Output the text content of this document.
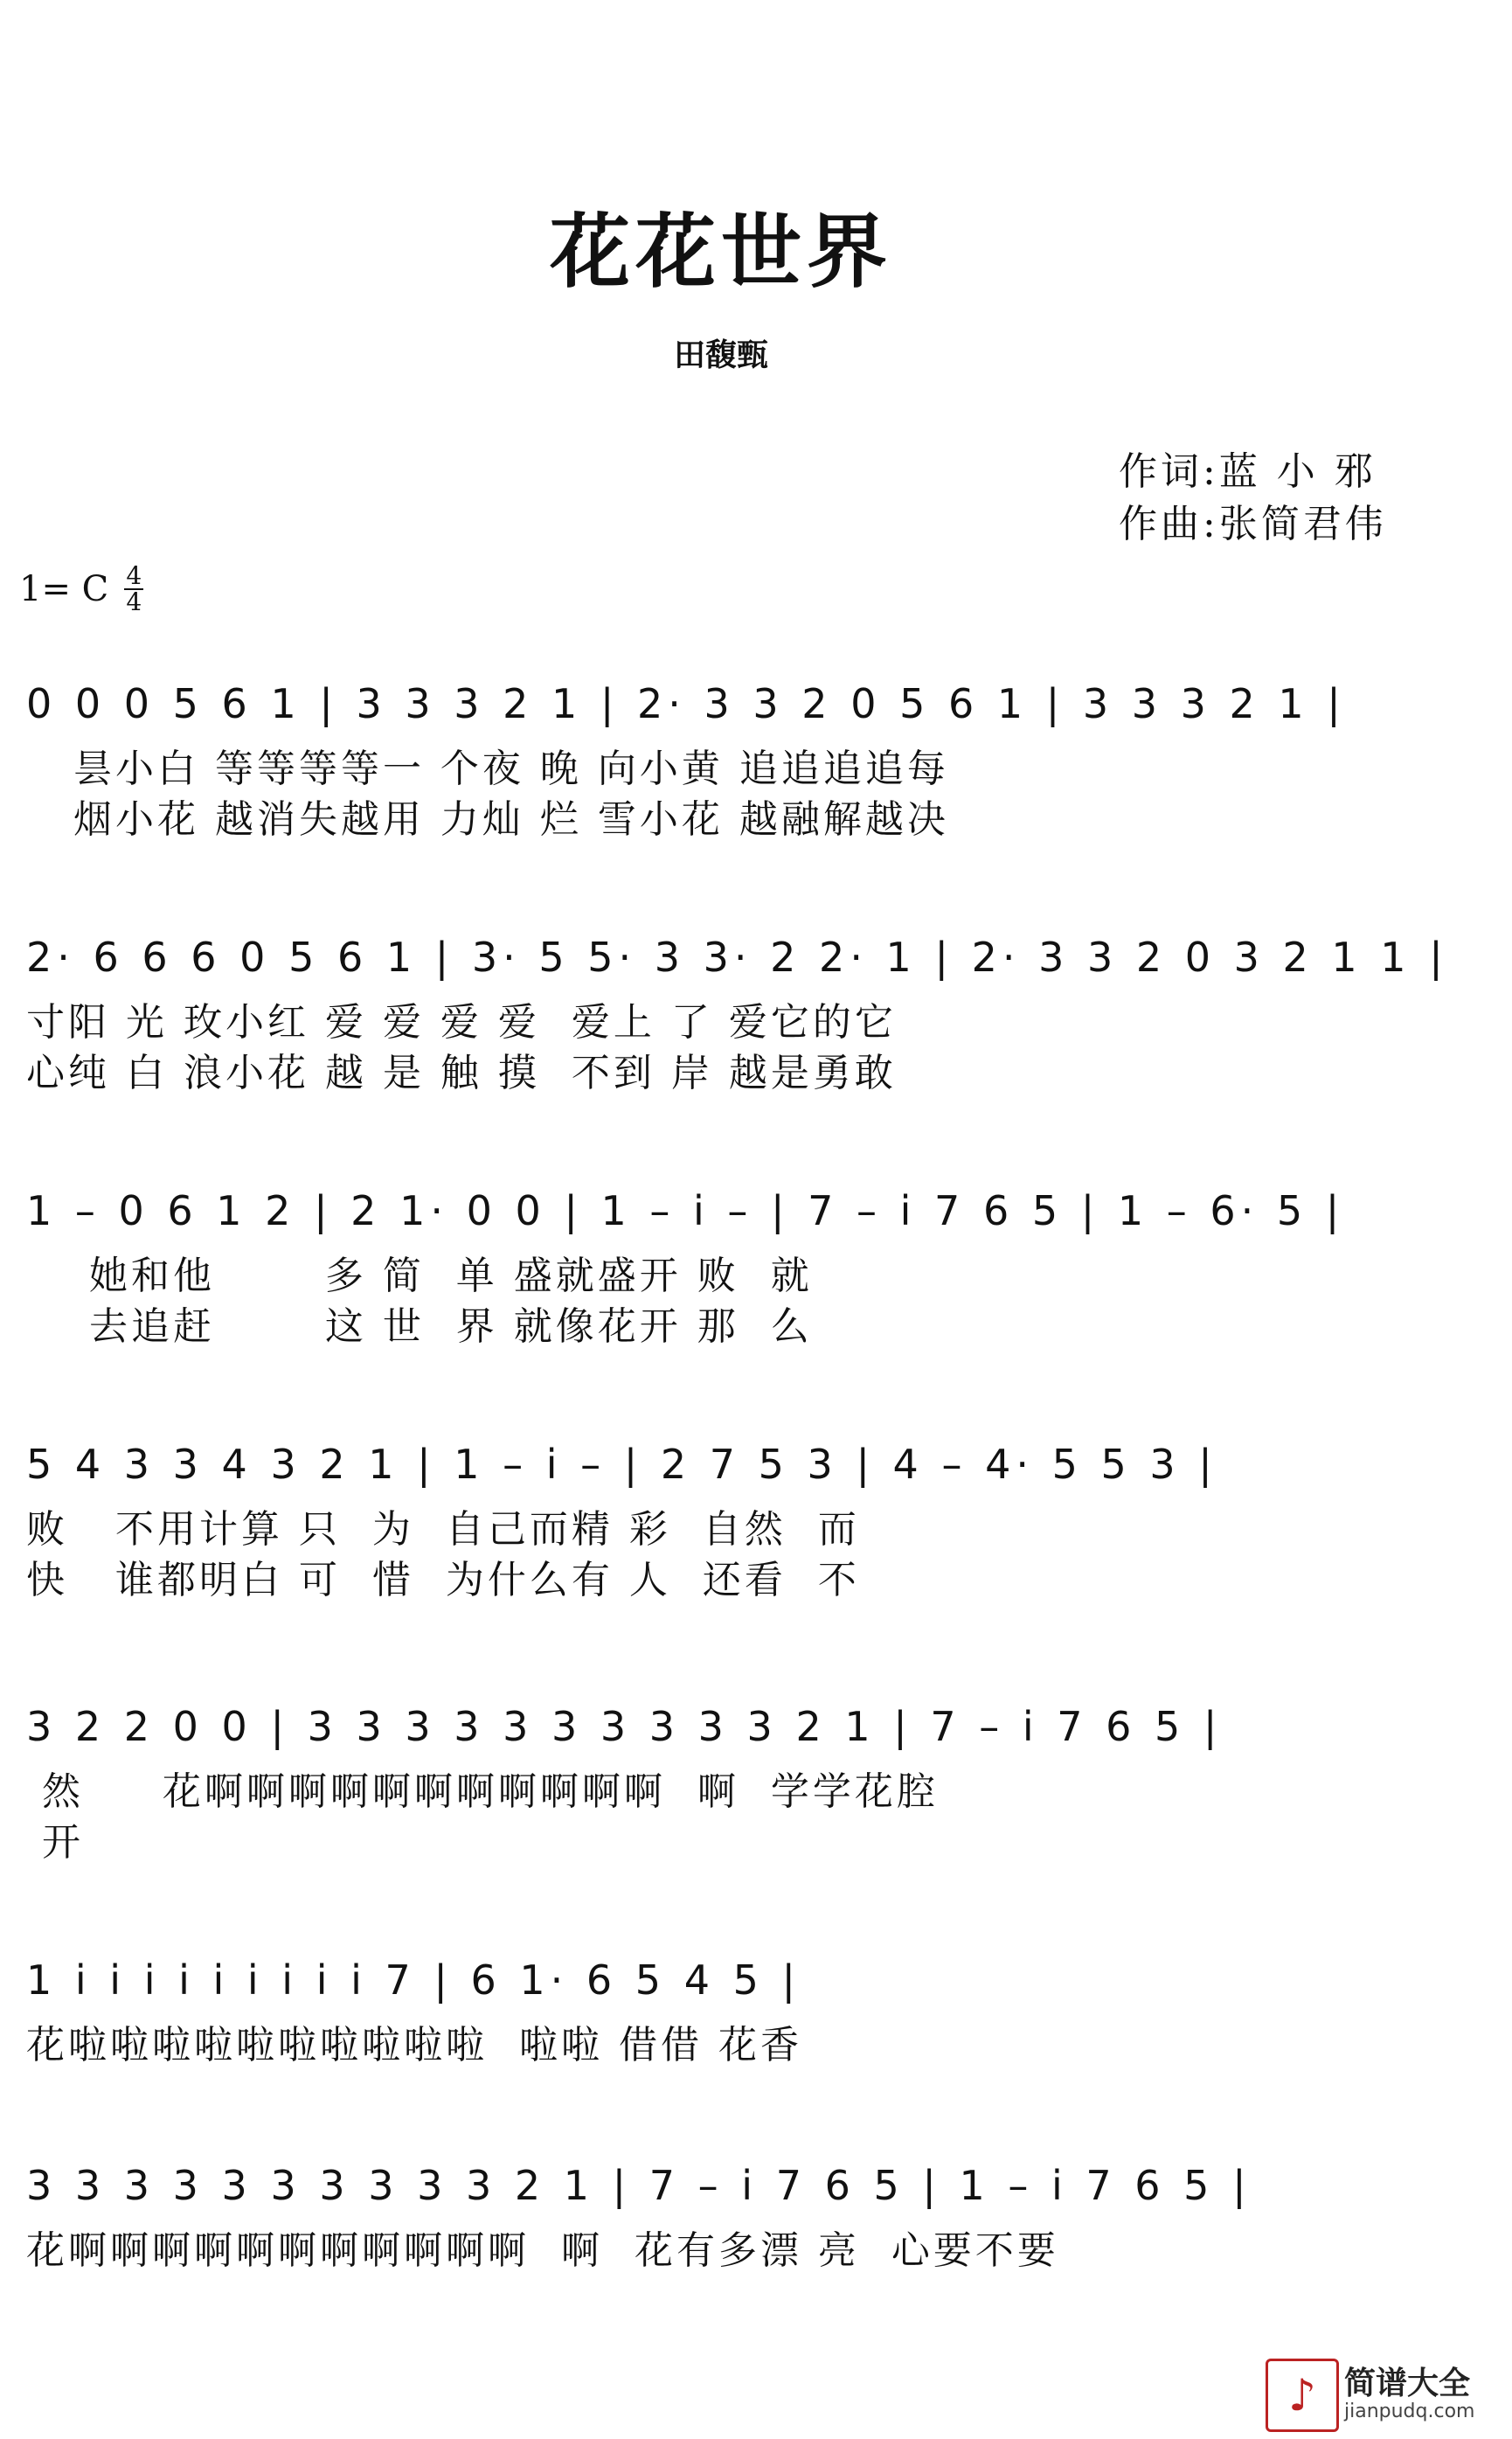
花花世界
田馥甄
作词:蓝 小 邪
作曲:张简君伟
1= C $\frac{4}{4}$
0 0 0 5 6 1 | 3 3 3 2 1 | 2· 3 3 2 0 5 6 1 | 3 3 3 2 1 |
昙小白 等等等等一 个夜 晚 向小黄 追追追追每
烟小花 越消失越用 力灿 烂 雪小花 越融解越决
2· 6 6 6 0 5 6 1 | 3· 5 5· 3 3· 2 2· 1 | 2· 3 3 2 0 3 2 1 1 |
寸阳 光 玫小红 爱 爱 爱 爱  爱上 了 爱它的它
心纯 白 浪小花 越 是 触 摸  不到 岸 越是勇敢
1 – 0 6 1 2 | 2 1· 0 0 | 1 – i – | 7 – i 7 6 5 | 1 – 6· 5 |
她和他       多 简  单 盛就盛开 败  就
去追赶       这 世  界 就像花开 那  么
5 4 3 3 4 3 2 1 | 1 – i – | 2 7 5 3 | 4 – 4· 5 5 3 |
败   不用计算 只  为  自己而精 彩  自然  而
快   谁都明白 可  惜  为什么有 人  还看  不
3 2 2 0 0 | 3 3 3 3 3 3 3 3 3 3 2 1 | 7 – i 7 6 5 |
然     花啊啊啊啊啊啊啊啊啊啊啊  啊  学学花腔
开
1 i i i i i i i i i 7 | 6 1· 6 5 4 5 |
花啦啦啦啦啦啦啦啦啦啦  啦啦 借借 花香
3 3 3 3 3 3 3 3 3 3 2 1 | 7 – i 7 6 5 | 1 – i 7 6 5 |
花啊啊啊啊啊啊啊啊啊啊啊  啊  花有多漂 亮  心要不要
♪ 简谱大全
jianpudq.com
